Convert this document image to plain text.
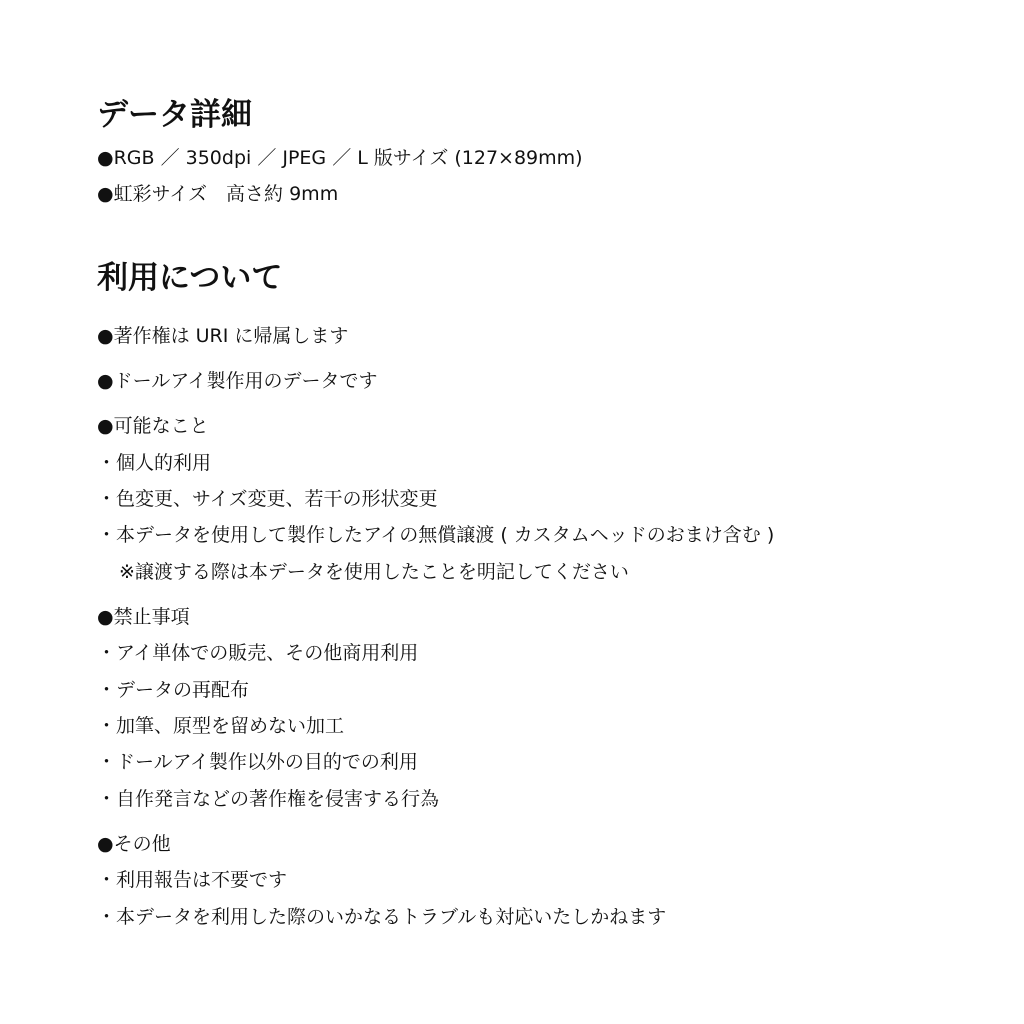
データ詳細
●RGB ／ 350dpi ／ JPEG ／ L 版サイズ (127×89mm)
●虹彩サイズ　高さ約 9mm
利用について
●著作権は URI に帰属します
●ドールアイ製作用のデータです
●可能なこと
・個人的利用
・色変更、サイズ変更、若干の形状変更
・本データを使用して製作したアイの無償譲渡 ( カスタムヘッドのおまけ含む )
※譲渡する際は本データを使用したことを明記してください
●禁止事項
・アイ単体での販売、その他商用利用
・データの再配布
・加筆、原型を留めない加工
・ドールアイ製作以外の目的での利用
・自作発言などの著作権を侵害する行為
●その他
・利用報告は不要です
・本データを利用した際のいかなるトラブルも対応いたしかねます
